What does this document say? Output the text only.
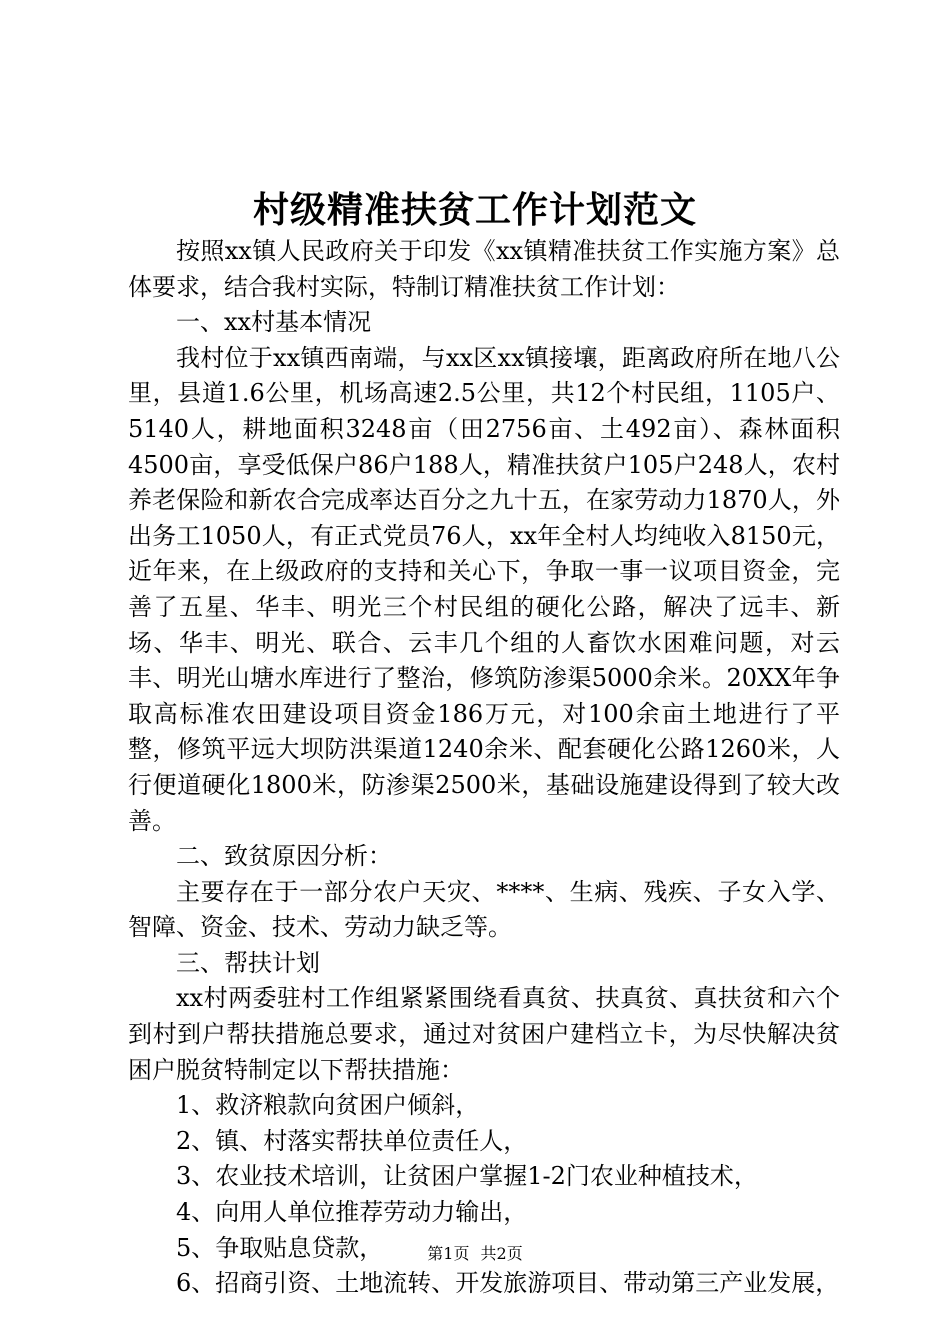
村级精准扶贫工作计划范文

按照xx镇人民政府关于印发《xx镇精准扶贫工作实施方案》总体要求，结合我村实际，特制订精准扶贫工作计划：

一、xx村基本情况

我村位于xx镇西南端，与xx区xx镇接壤，距离政府所在地八公里，县道1.6公里，机场高速2.5公里，共12个村民组，1105户、5140人，耕地面积3248亩（田2756亩、土492亩）、森林面积4500亩，享受低保户86户188人，精准扶贫户105户248人，农村养老保险和新农合完成率达百分之九十五，在家劳动力1870人，外出务工1050人，有正式党员76人，xx年全村人均纯收入8150元，近年来，在上级政府的支持和关心下，争取一事一议项目资金，完善了五星、华丰、明光三个村民组的硬化公路，解决了远丰、新场、华丰、明光、联合、云丰几个组的人畜饮水困难问题，对云丰、明光山塘水库进行了整治，修筑防渗渠5000余米。20XX年争取高标准农田建设项目资金186万元，对100余亩土地进行了平整，修筑平远大坝防洪渠道1240余米、配套硬化公路1260米，人行便道硬化1800米，防渗渠2500米，基础设施建设得到了较大改善。

二、致贫原因分析：

主要存在于一部分农户天灾、****、生病、残疾、子女入学、智障、资金、技术、劳动力缺乏等。

三、帮扶计划

xx村两委驻村工作组紧紧围绕看真贫、扶真贫、真扶贫和六个到村到户帮扶措施总要求，通过对贫困户建档立卡，为尽快解决贫困户脱贫特制定以下帮扶措施：

1、救济粮款向贫困户倾斜，

2、镇、村落实帮扶单位责任人，

3、农业技术培训，让贫困户掌握1-2门农业种植技术，

4、向用人单位推荐劳动力输出，

5、争取贴息贷款，

6、招商引资、土地流转、开发旅游项目、带动第三产业发展，

第1页 共2页
